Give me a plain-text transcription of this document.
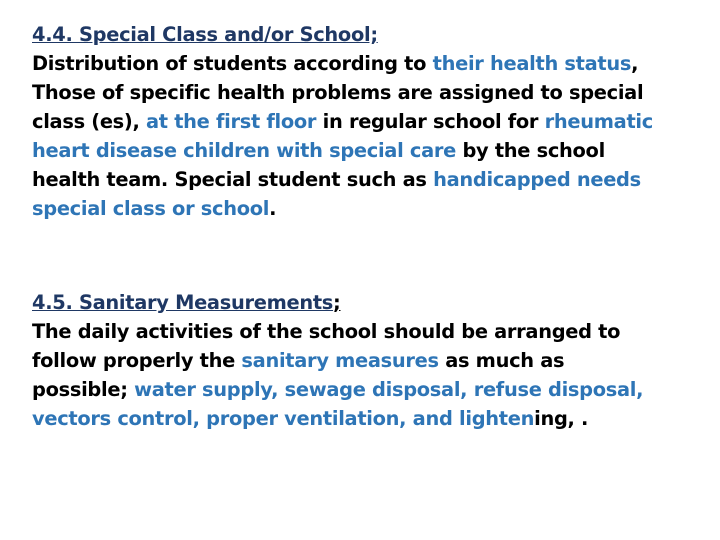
4.4. Special Class and/or School;
Distribution of students according to their health status,
Those of specific health problems are assigned to special
class (es), at the first floor in regular school for rheumatic
heart disease children with special care by the school
health team. Special student such as handicapped needs
special class or school.
4.5. Sanitary Measurements;
The daily activities of the school should be arranged to
follow properly the sanitary measures as much as
possible; water supply, sewage disposal, refuse disposal,
vectors control, proper ventilation, and lightening, .
